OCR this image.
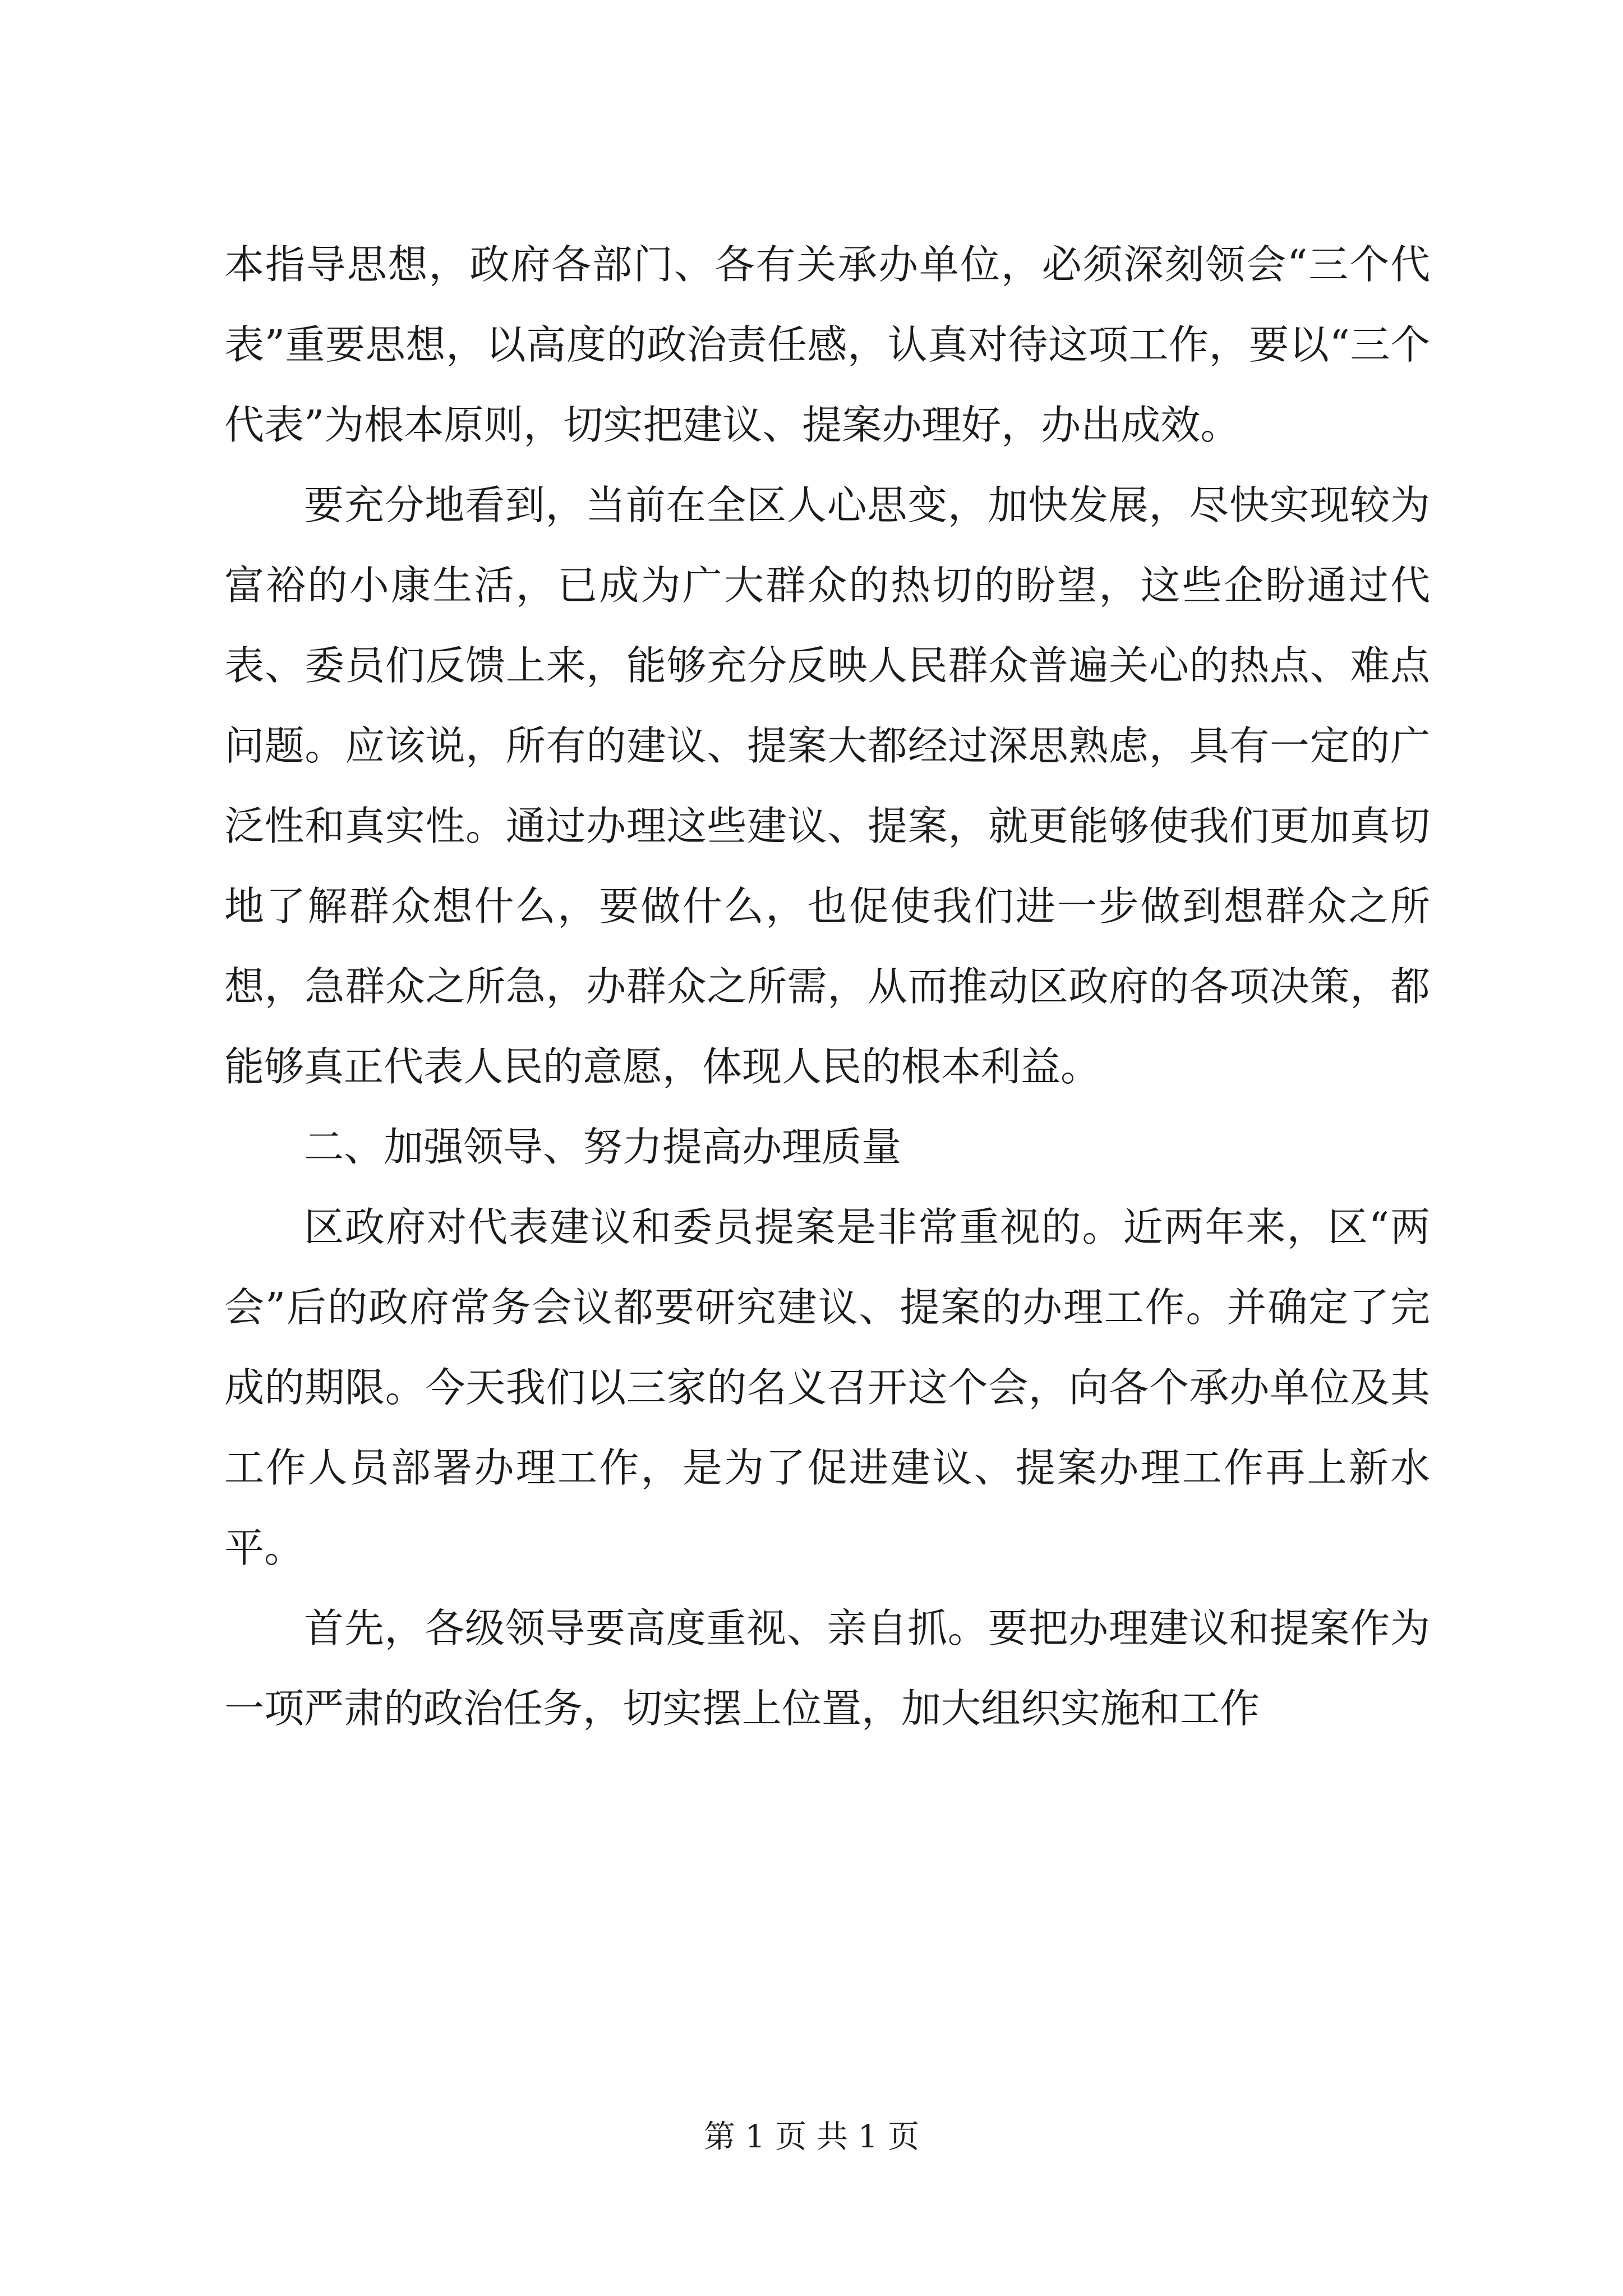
本指导思想，政府各部门、各有关承办单位，必须深刻领会“三个代表”重要思想，以高度的政治责任感，认真对待这项工作，要以“三个代表”为根本原则，切实把建议、提案办理好，办出成效。

要充分地看到，当前在全区人心思变，加快发展，尽快实现较为富裕的小康生活，已成为广大群众的热切的盼望，这些企盼通过代表、委员们反馈上来，能够充分反映人民群众普遍关心的热点、难点问题。应该说，所有的建议、提案大都经过深思熟虑，具有一定的广泛性和真实性。通过办理这些建议、提案，就更能够使我们更加真切地了解群众想什么，要做什么，也促使我们进一步做到想群众之所想，急群众之所急，办群众之所需，从而推动区政府的各项决策，都能够真正代表人民的意愿，体现人民的根本利益。

二、加强领导、努力提高办理质量

区政府对代表建议和委员提案是非常重视的。近两年来，区“两会”后的政府常务会议都要研究建议、提案的办理工作。并确定了完成的期限。今天我们以三家的名义召开这个会，向各个承办单位及其工作人员部署办理工作，是为了促进建议、提案办理工作再上新水平。

首先，各级领导要高度重视、亲自抓。要把办理建议和提案作为一项严肃的政治任务，切实摆上位置，加大组织实施和工作

第 1 页 共 1 页
